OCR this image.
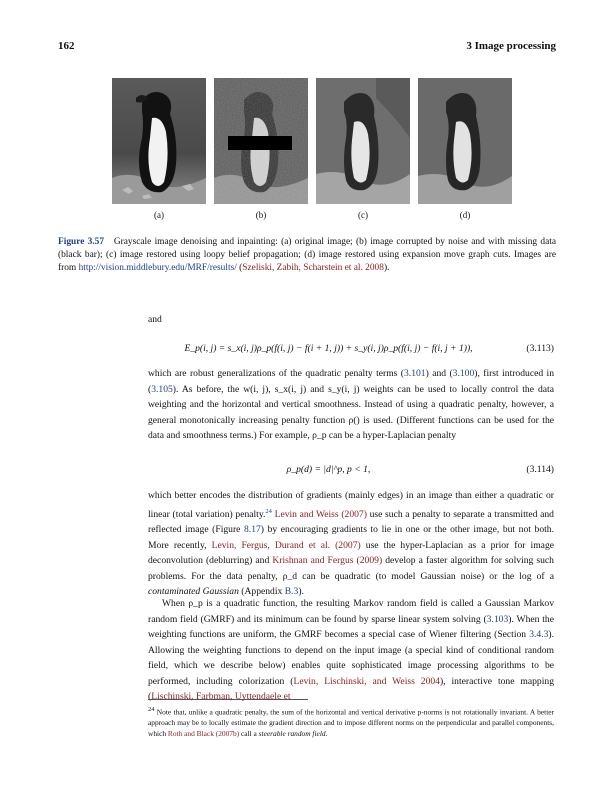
162	3 Image processing
(a)	(b)	(c)	(d)
Figure 3.57 Grayscale image denoising and inpainting: (a) original image; (b) image corrupted by noise and with missing data (black bar); (c) image restored using loopy belief propagation; (d) image restored using expansion move graph cuts. Images are from http://vision.middlebury.edu/MRF/results/ (Szeliski, Zabih, Scharstein et al. 2008).
and
E_p(i, j) = s_x(i, j)ρ_p(f(i, j) − f(i + 1, j)) + s_y(i, j)ρ_p(f(i, j) − f(i, j + 1)),	(3.113)
which are robust generalizations of the quadratic penalty terms (3.101) and (3.100), first introduced in (3.105). As before, the w(i, j), s_x(i, j) and s_y(i, j) weights can be used to locally control the data weighting and the horizontal and vertical smoothness. Instead of using a quadratic penalty, however, a general monotonically increasing penalty function ρ() is used. (Different functions can be used for the data and smoothness terms.) For example, ρ_p can be a hyper-Laplacian penalty
ρ_p(d) = |d|^p, p < 1,	(3.114)
which better encodes the distribution of gradients (mainly edges) in an image than either a quadratic or linear (total variation) penalty.$^{24}$ Levin and Weiss (2007) use such a penalty to separate a transmitted and reflected image (Figure 8.17) by encouraging gradients to lie in one or the other image, but not both. More recently, Levin, Fergus, Durand et al. (2007) use the hyper-Laplacian as a prior for image deconvolution (deblurring) and Krishnan and Fergus (2009) develop a faster algorithm for solving such problems. For the data penalty, ρ_d can be quadratic (to model Gaussian noise) or the log of a contaminated Gaussian (Appendix B.3).
When ρ_p is a quadratic function, the resulting Markov random field is called a Gaussian Markov random field (GMRF) and its minimum can be found by sparse linear system solving (3.103). When the weighting functions are uniform, the GMRF becomes a special case of Wiener filtering (Section 3.4.3). Allowing the weighting functions to depend on the input image (a special kind of conditional random field, which we describe below) enables quite sophisticated image processing algorithms to be performed, including colorization (Levin, Lischinski, and Weiss 2004), interactive tone mapping (Lischinski, Farbman, Uyttendaele et
$^{24}$ Note that, unlike a quadratic penalty, the sum of the horizontal and vertical derivative p-norms is not rotationally invariant. A better approach may be to locally estimate the gradient direction and to impose different norms on the perpendicular and parallel components, which Roth and Black (2007b) call a steerable random field.
